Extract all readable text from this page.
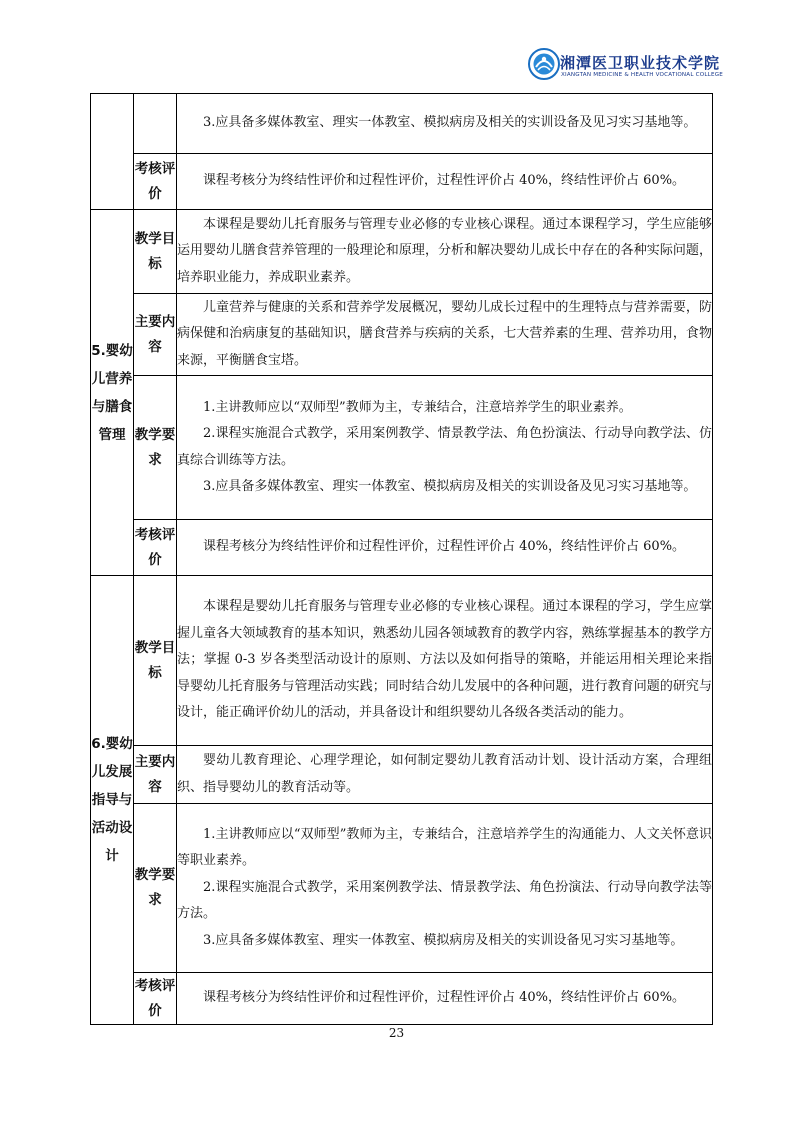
湘潭医卫职业技术学院
XIANGTAN MEDICINE & HEALTH VOCATIONAL COLLEGE

		3.应具备多媒体教室、理实一体教室、模拟病房及相关的实训设备及见习实习基地等。

	考核评价	课程考核分为终结性评价和过程性评价，过程性评价占 40%，终结性评价占 60%。

5.婴幼儿营养与膳食管理	教学目标	本课程是婴幼儿托育服务与管理专业必修的专业核心课程。通过本课程学习，学生应能够运用婴幼儿膳食营养管理的一般理论和原理，分析和解决婴幼儿成长中存在的各种实际问题，培养职业能力，养成职业素养。

	主要内容	儿童营养与健康的关系和营养学发展概况，婴幼儿成长过程中的生理特点与营养需要，防病保健和治病康复的基础知识，膳食营养与疾病的关系，七大营养素的生理、营养功用，食物来源，平衡膳食宝塔。

	教学要求	1.主讲教师应以“双师型”教师为主，专兼结合，注意培养学生的职业素养。

2.课程实施混合式教学，采用案例教学、情景教学法、角色扮演法、行动导向教学法、仿真综合训练等方法。

3.应具备多媒体教室、理实一体教室、模拟病房及相关的实训设备及见习实习基地等。

	考核评价	课程考核分为终结性评价和过程性评价，过程性评价占 40%，终结性评价占 60%。

6.婴幼儿发展指导与活动设计	教学目标	本课程是婴幼儿托育服务与管理专业必修的专业核心课程。通过本课程的学习，学生应掌握儿童各大领域教育的基本知识，熟悉幼儿园各领域教育的教学内容，熟练掌握基本的教学方法；掌握 0-3 岁各类型活动设计的原则、方法以及如何指导的策略，并能运用相关理论来指导婴幼儿托育服务与管理活动实践；同时结合幼儿发展中的各种问题，进行教育问题的研究与设计，能正确评价幼儿的活动，并具备设计和组织婴幼儿各级各类活动的能力。

	主要内容	婴幼儿教育理论、心理学理论，如何制定婴幼儿教育活动计划、设计活动方案，合理组织、指导婴幼儿的教育活动等。

	教学要求	1.主讲教师应以“双师型”教师为主，专兼结合，注意培养学生的沟通能力、人文关怀意识等职业素养。

2.课程实施混合式教学，采用案例教学法、情景教学法、角色扮演法、行动导向教学法等方法。

3.应具备多媒体教室、理实一体教室、模拟病房及相关的实训设备见习实习基地等。

	考核评价	课程考核分为终结性评价和过程性评价，过程性评价占 40%，终结性评价占 60%。

23
